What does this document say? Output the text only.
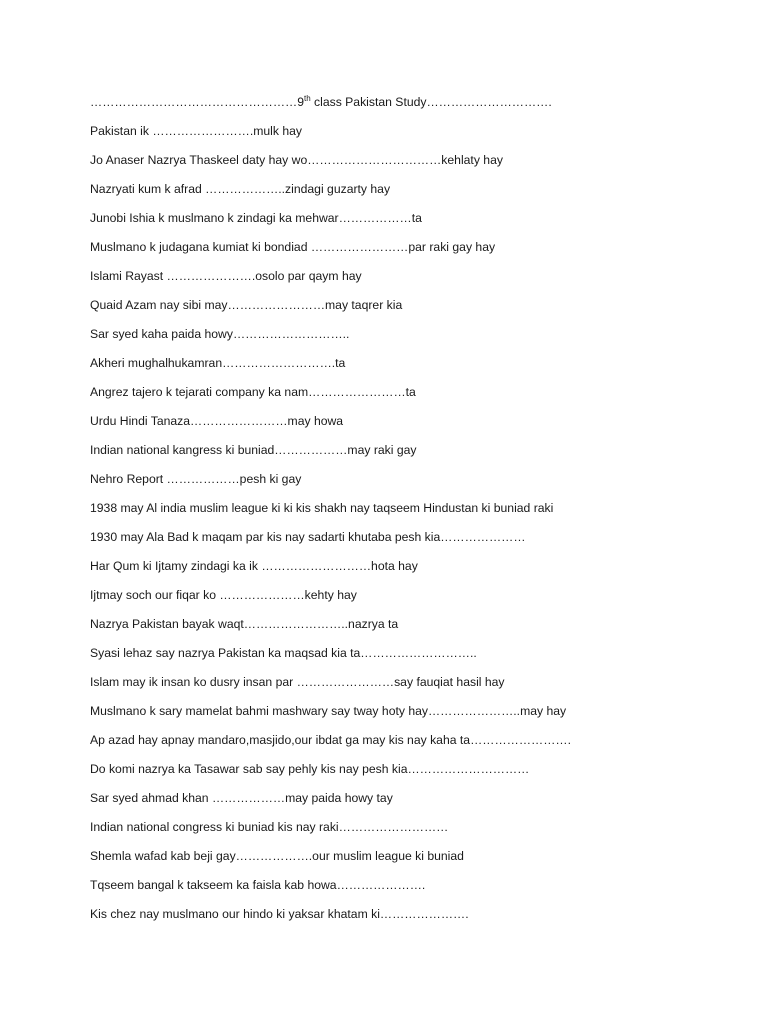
……………………………………………9th class Pakistan Study………………………….
Pakistan ik …………………….mulk hay
Jo Anaser Nazrya Thaskeel daty hay wo……………………………kehlaty hay
Nazryati kum k afrad ………………..zindagi guzarty hay
Junobi Ishia k muslmano k zindagi ka mehwar………………ta
Muslmano k judagana kumiat ki bondiad ……………………par raki gay hay
Islami Rayast ………………….osolo par qaym hay
Quaid Azam nay sibi may……………………may taqrer kia
Sar syed kaha paida howy………………………..
Akheri mughalhukamran……………………….ta
Angrez tajero k tejarati company ka nam……………………ta
Urdu Hindi Tanaza……………………may howa
Indian national kangress ki buniad………………may raki gay
Nehro Report ………………pesh ki gay
1938 may Al india muslim league ki ki kis shakh nay taqseem Hindustan ki buniad raki
1930 may Ala Bad k maqam par kis nay sadarti khutaba pesh kia…………………
Har Qum ki Ijtamy zindagi ka ik ………………………hota hay
Ijtmay soch our fiqar ko …………………kehty hay
Nazrya Pakistan bayak waqt……………………..nazrya ta
Syasi lehaz say nazrya Pakistan ka maqsad kia ta………………………..
Islam may ik insan ko dusry insan par ……………………say fauqiat hasil hay
Muslmano k sary mamelat bahmi mashwary say tway hoty hay…………………..may hay
Ap azad hay apnay mandaro,masjido,our ibdat ga may kis nay kaha ta…………………….
Do komi nazrya ka Tasawar sab say pehly kis nay pesh kia…………………………
Sar syed ahmad khan ………………may paida howy tay
Indian national congress ki buniad kis nay raki………………………
Shemla wafad kab beji gay……………….our muslim league ki buniad
Tqseem bangal k takseem ka faisla kab howa………………….
Kis chez nay muslmano our hindo ki yaksar khatam ki………………….
